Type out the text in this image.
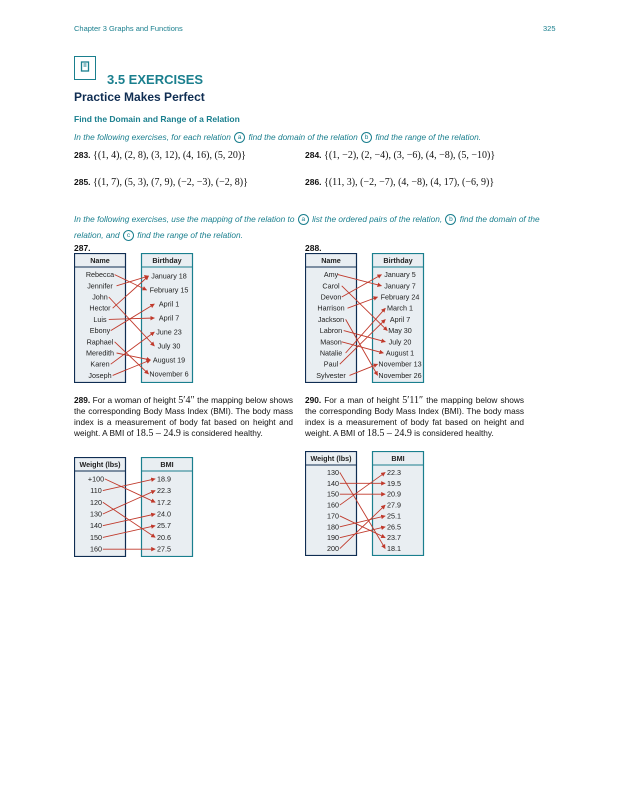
Chapter 3 Graphs and Functions	325
3.5 EXERCISES
Practice Makes Perfect
Find the Domain and Range of a Relation
In the following exercises, for each relation a find the domain of the relation b find the range of the relation.
283. {(1, 4), (2, 8), (3, 12), (4, 16), (5, 20)}	284. {(1, −2), (2, −4), (3, −6), (4, −8), (5, −10)}
285. {(1, 7), (5, 3), (7, 9), (−2, −3), (−2, 8)}	286. {(11, 3), (−2, −7), (4, −8), (4, 17), (−6, 9)}
In the following exercises, use the mapping of the relation to a list the ordered pairs of the relation, b find the domain of the
relation, and c find the range of the relation.
287.	288.
Name	Birthday
Rebecca
Jennifer
John
Hector
Luis
Ebony
Raphael
Meredith
Karen
Joseph
January 18
February 15
April 1
April 7
June 23
July 30
August 19
November 6
Name	Birthday
Amy
Carol
Devon
Harrison
Jackson
Labron
Mason
Natalie
Paul
Sylvester
January 5
January 7
February 24
March 1
April 7
May 30
July 20
August 1
November 13
November 26
289. For a woman of height 5′4″ the mapping below shows the corresponding Body Mass Index (BMI). The body mass index is a measurement of body fat based on height and weight. A BMI of 18.5 – 24.9 is considered healthy.
290. For a man of height 5′11″ the mapping below shows the corresponding Body Mass Index (BMI). The body mass index is a measurement of body fat based on height and weight. A BMI of 18.5 – 24.9 is considered healthy.
Weight (lbs)	BMI
+100
110
120
130
140
150
160
18.9
22.3
17.2
24.0
25.7
20.6
27.5
Weight (lbs)	BMI
130
140
150
160
170
180
190
200
22.3
19.5
20.9
27.9
25.1
26.5
23.7
18.1
